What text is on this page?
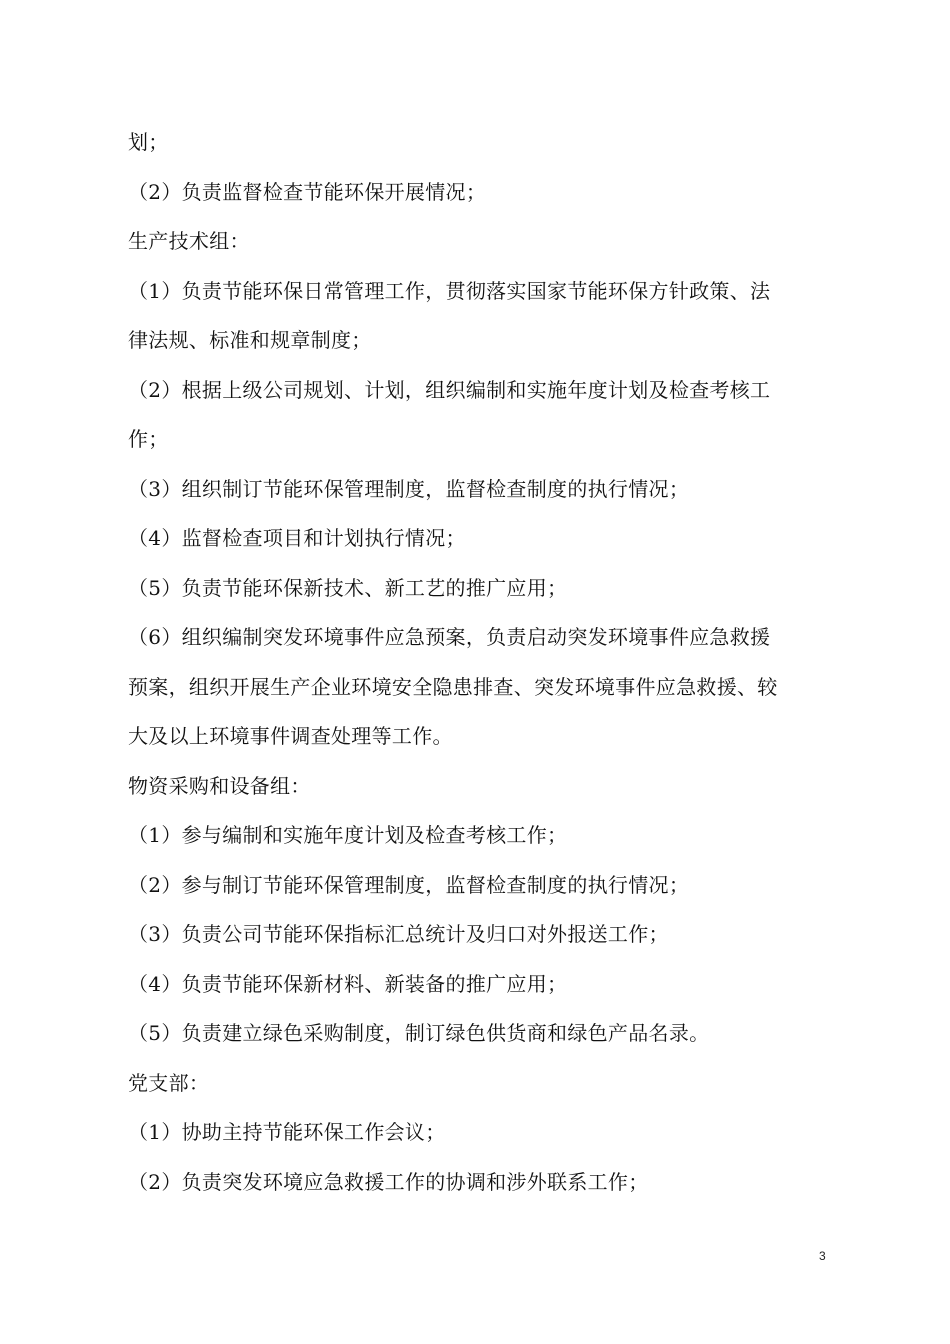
划；
（2）负责监督检查节能环保开展情况；
生产技术组：
（1）负责节能环保日常管理工作，贯彻落实国家节能环保方针政策、法
律法规、标准和规章制度；
（2）根据上级公司规划、计划，组织编制和实施年度计划及检查考核工
作；
（3）组织制订节能环保管理制度，监督检查制度的执行情况；
（4）监督检查项目和计划执行情况；
（5）负责节能环保新技术、新工艺的推广应用；
（6）组织编制突发环境事件应急预案，负责启动突发环境事件应急救援
预案，组织开展生产企业环境安全隐患排查、突发环境事件应急救援、较
大及以上环境事件调查处理等工作。
物资采购和设备组：
（1）参与编制和实施年度计划及检查考核工作；
（2）参与制订节能环保管理制度，监督检查制度的执行情况；
（3）负责公司节能环保指标汇总统计及归口对外报送工作；
（4）负责节能环保新材料、新装备的推广应用；
（5）负责建立绿色采购制度，制订绿色供货商和绿色产品名录。
党支部：
（1）协助主持节能环保工作会议；
（2）负责突发环境应急救援工作的协调和涉外联系工作；
3
